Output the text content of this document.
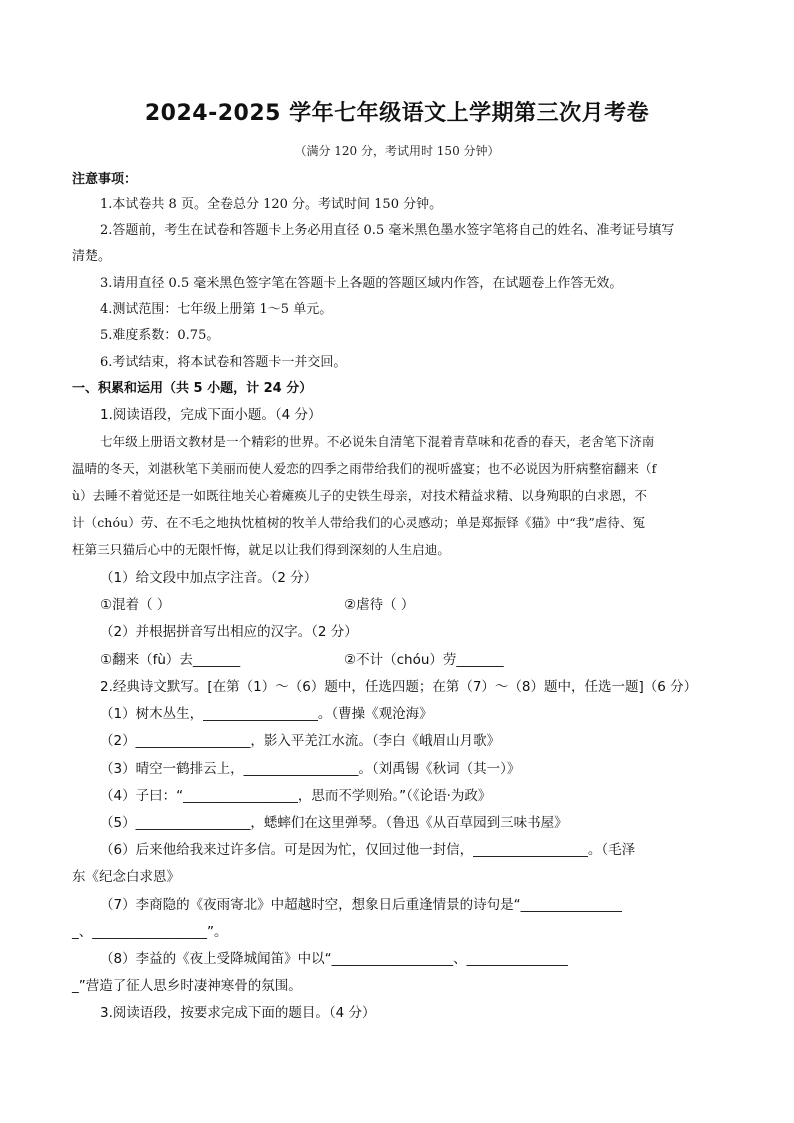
2024-2025 学年七年级语文上学期第三次月考卷
（满分 120 分，考试用时 150 分钟）
注意事项：
1.本试卷共 8 页。全卷总分 120 分。考试时间 150 分钟。
2.答题前，考生在试卷和答题卡上务必用直径 0.5 毫米黑色墨水签字笔将自己的姓名、准考证号填写
清楚。
3.请用直径 0.5 毫米黑色签字笔在答题卡上各题的答题区域内作答，在试题卷上作答无效。
4.测试范围：七年级上册第 1～5 单元。
5.难度系数：0.75。
6.考试结束，将本试卷和答题卡一并交回。
一、积累和运用（共 5 小题，计 24 分）
1.阅读语段，完成下面小题。（4 分）
七年级上册语文教材是一个精彩的世界。不必说朱自清笔下混着青草味和花香的春天，老舍笔下济南
温晴的冬天，刘湛秋笔下美丽而使人爱恋的四季之雨带给我们的视听盛宴；也不必说因为肝病整宿翻来（f
ù）去睡不着觉还是一如既往地关心着瘫痪儿子的史铁生母亲，对技术精益求精、以身殉职的白求恩，不
计（chóu）劳、在不毛之地执忱植树的牧羊人带给我们的心灵感动；单是郑振铎《猫》中“我”虐待、冤
枉第三只猫后心中的无限忏悔，就足以让我们得到深刻的人生启迪。
（1）给文段中加点字注音。（2 分）
①混着（ ）	②虐待（ ）
（2）并根据拼音写出相应的汉字。（2 分）
①翻来（fù）去_______	②不计（chóu）劳_______
2.经典诗文默写。[在第（1）～（6）题中，任选四题；在第（7）～（8）题中，任选一题]（6 分）
（1）树木丛生，_________________。（曹操《观沧海》
（2）_________________，影入平羌江水流。（李白《峨眉山月歌》
（3）晴空一鹤排云上，_________________。（刘禹锡《秋词（其一）》
（4）子曰：“_________________，思而不学则殆。”（《论语·为政》
（5）_________________，蟋蟀们在这里弹琴。（鲁迅《从百草园到三味书屋》
（6）后来他给我来过许多信。可是因为忙，仅回过他一封信，_________________。（毛泽
东《纪念白求恩》
（7）李商隐的《夜雨寄北》中超越时空，想象日后重逢情景的诗句是“_______________
_、_________________”。
（8）李益的《夜上受降城闻笛》中以“__________________、_______________
_”营造了征人思乡时凄神寒骨的氛围。
3.阅读语段，按要求完成下面的题目。（4 分）
